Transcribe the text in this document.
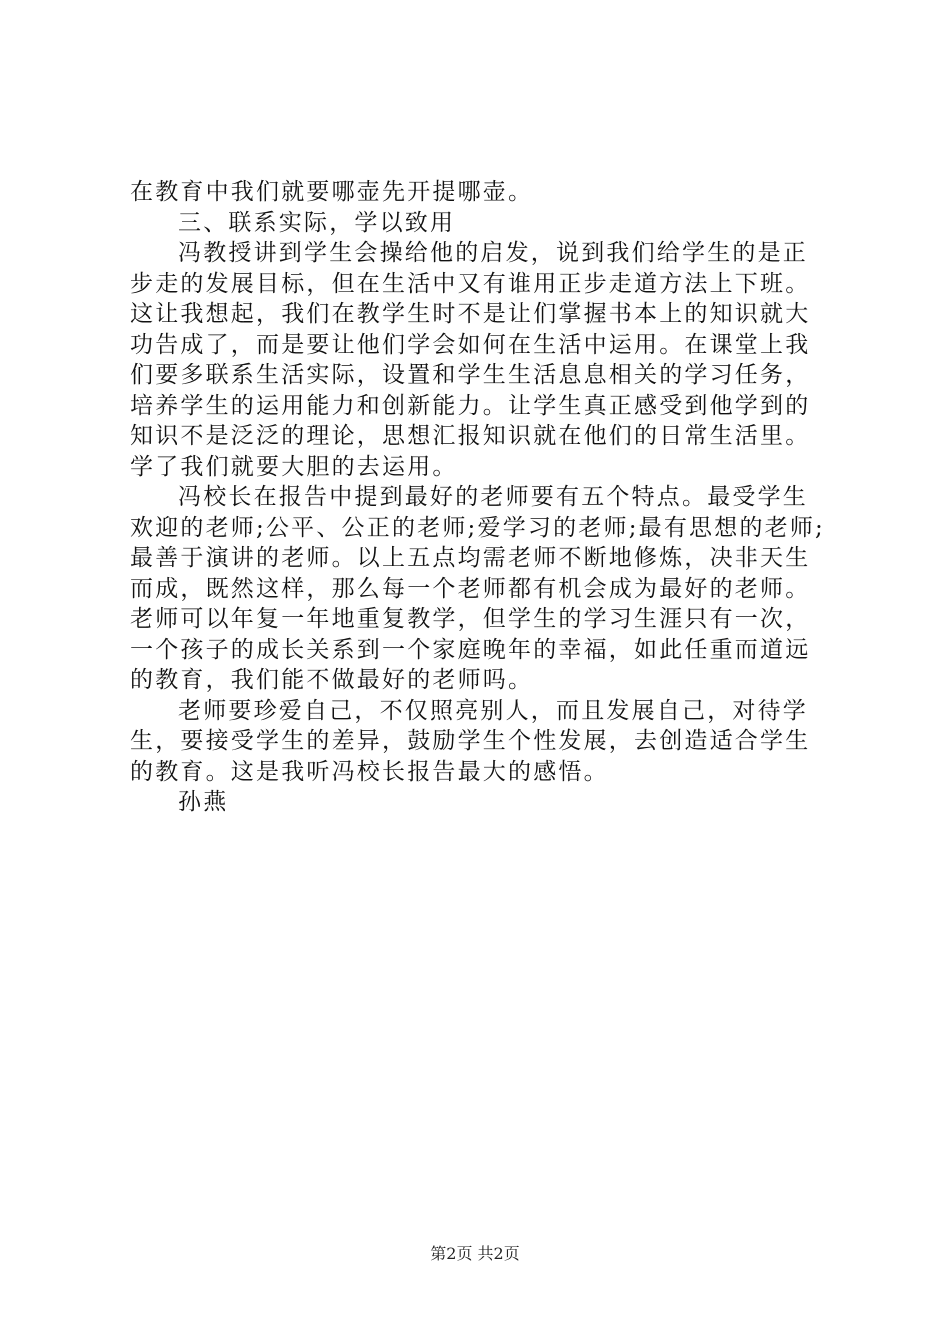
在教育中我们就要哪壶先开提哪壶。
三、联系实际，学以致用
冯教授讲到学生会操给他的启发，说到我们给学生的是正
步走的发展目标，但在生活中又有谁用正步走道方法上下班。
这让我想起，我们在教学生时不是让们掌握书本上的知识就大
功告成了，而是要让他们学会如何在生活中运用。在课堂上我
们要多联系生活实际，设置和学生生活息息相关的学习任务，
培养学生的运用能力和创新能力。让学生真正感受到他学到的
知识不是泛泛的理论，思想汇报知识就在他们的日常生活里。
学了我们就要大胆的去运用。
冯校长在报告中提到最好的老师要有五个特点。最受学生
欢迎的老师;公平、公正的老师;爱学习的老师;最有思想的老师;
最善于演讲的老师。以上五点均需老师不断地修炼，决非天生
而成，既然这样，那么每一个老师都有机会成为最好的老师。
老师可以年复一年地重复教学，但学生的学习生涯只有一次，
一个孩子的成长关系到一个家庭晚年的幸福，如此任重而道远
的教育，我们能不做最好的老师吗。
老师要珍爱自己，不仅照亮别人，而且发展自己，对待学
生，要接受学生的差异，鼓励学生个性发展，去创造适合学生
的教育。这是我听冯校长报告最大的感悟。
孙燕
第2页 共2页
